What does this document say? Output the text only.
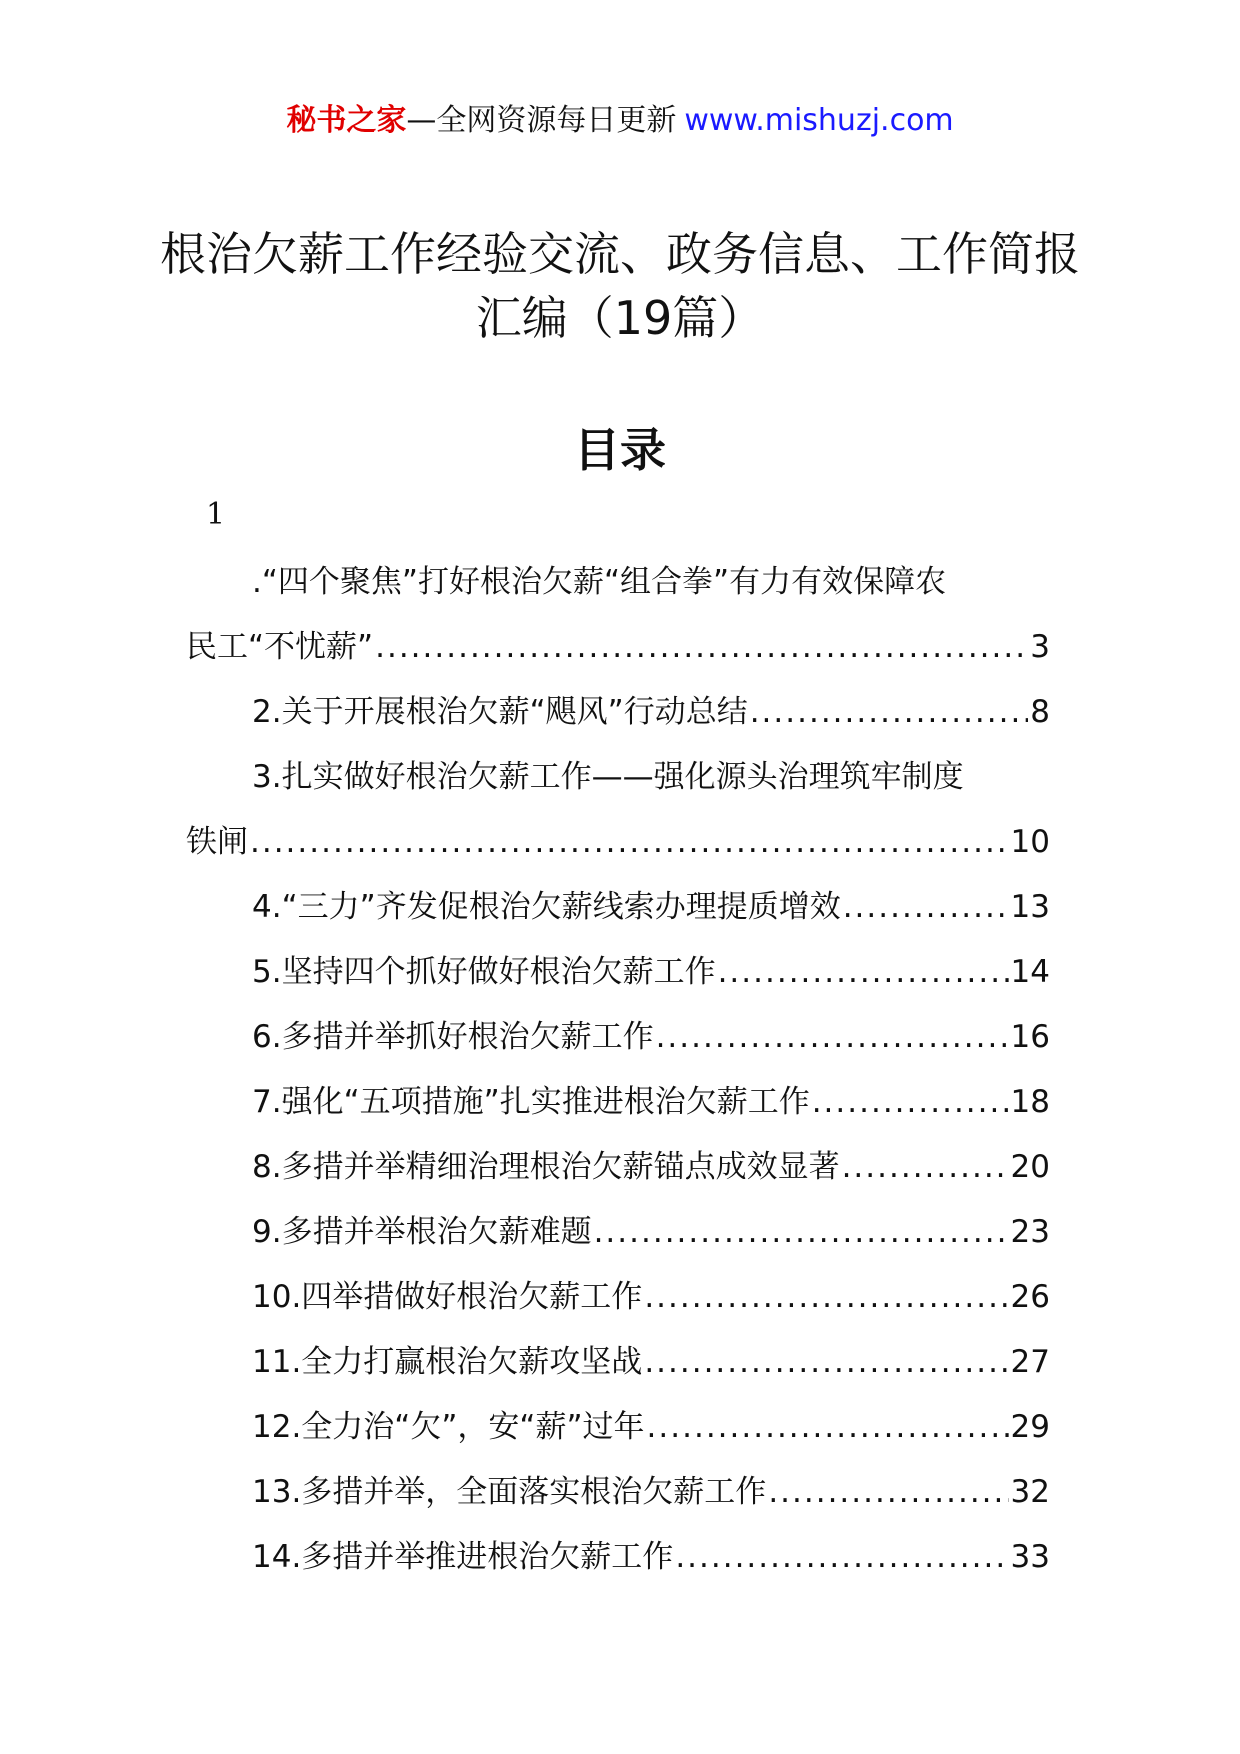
秘书之家—全网资源每日更新 www.mishuzj.com
根治欠薪工作经验交流、政务信息、工作简报汇编（19篇）
目录
1
.“四个聚焦”打好根治欠薪“组合拳”有力有效保障农
民工“不忧薪” .....	3
2.关于开展根治欠薪“飓风”行动总结 .....	8
3.扎实做好根治欠薪工作——强化源头治理筑牢制度
铁闸 .....	10
4.“三力”齐发促根治欠薪线索办理提质增效 .....	13
5.坚持四个抓好做好根治欠薪工作 .....	14
6.多措并举抓好根治欠薪工作 .....	16
7.强化“五项措施”扎实推进根治欠薪工作 .....	18
8.多措并举精细治理根治欠薪锚点成效显著 .....	20
9.多措并举根治欠薪难题 .....	23
10.四举措做好根治欠薪工作 .....	26
11.全力打赢根治欠薪攻坚战 .....	27
12.全力治“欠”，安“薪”过年 .....	29
13.多措并举，全面落实根治欠薪工作 .....	32
14.多措并举推进根治欠薪工作 .....	33
